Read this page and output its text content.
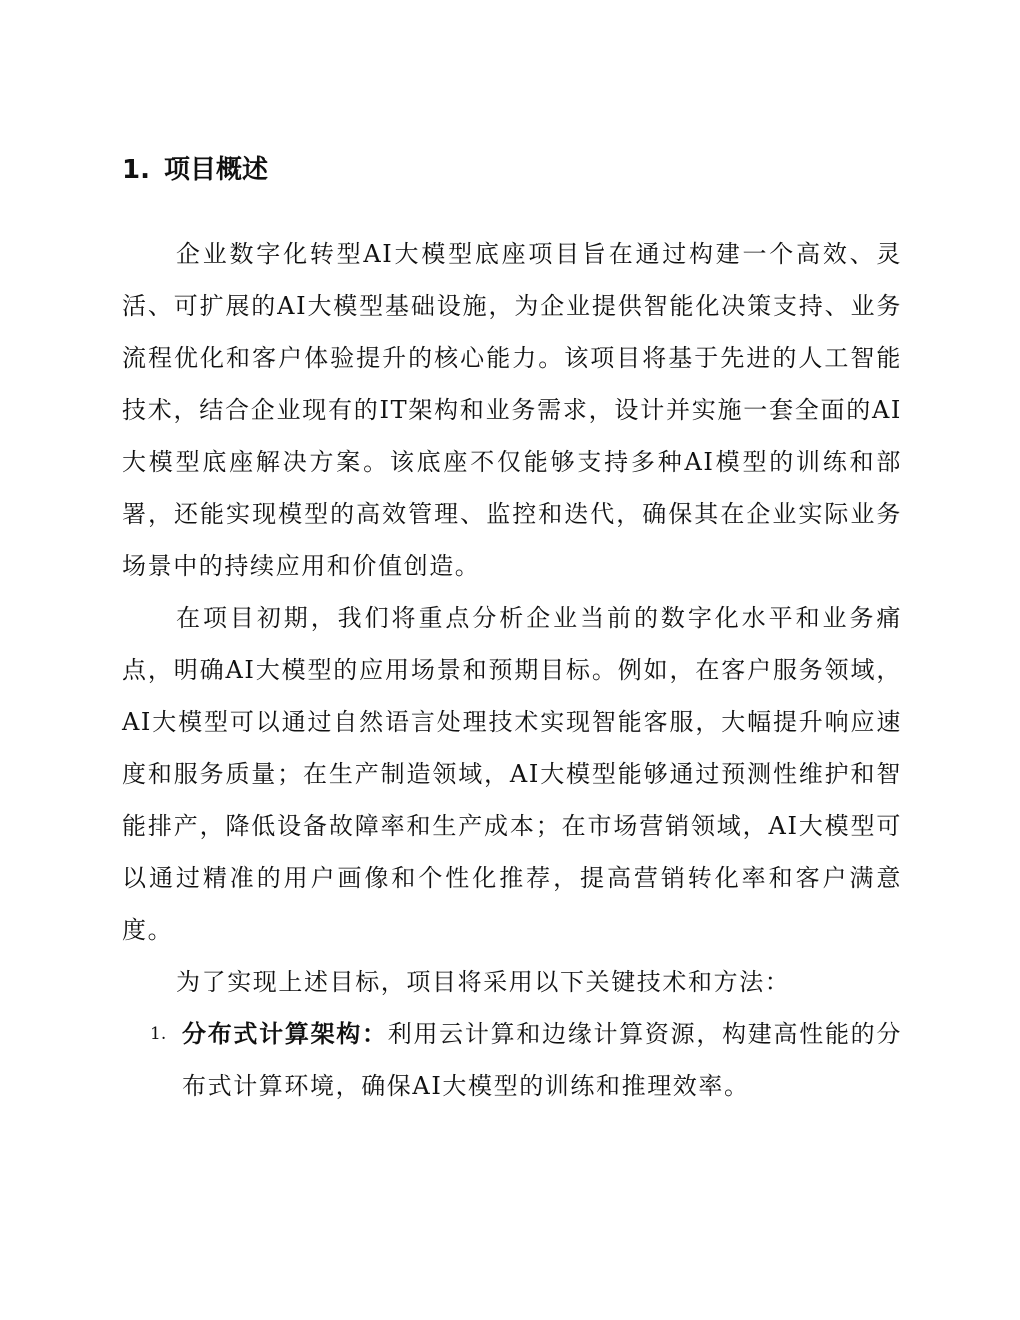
1. 项目概述

企业数字化转型AI大模型底座项目旨在通过构建一个高效、灵活、可扩展的AI大模型基础设施，为企业提供智能化决策支持、业务流程优化和客户体验提升的核心能力。该项目将基于先进的人工智能技术，结合企业现有的IT架构和业务需求，设计并实施一套全面的AI大模型底座解决方案。该底座不仅能够支持多种AI模型的训练和部署，还能实现模型的高效管理、监控和迭代，确保其在企业实际业务场景中的持续应用和价值创造。

在项目初期，我们将重点分析企业当前的数字化水平和业务痛点，明确AI大模型的应用场景和预期目标。例如，在客户服务领域，AI大模型可以通过自然语言处理技术实现智能客服，大幅提升响应速度和服务质量；在生产制造领域，AI大模型能够通过预测性维护和智能排产，降低设备故障率和生产成本；在市场营销领域，AI大模型可以通过精准的用户画像和个性化推荐，提高营销转化率和客户满意度。

为了实现上述目标，项目将采用以下关键技术和方法：

1. 分布式计算架构：利用云计算和边缘计算资源，构建高性能的分布式计算环境，确保AI大模型的训练和推理效率。
